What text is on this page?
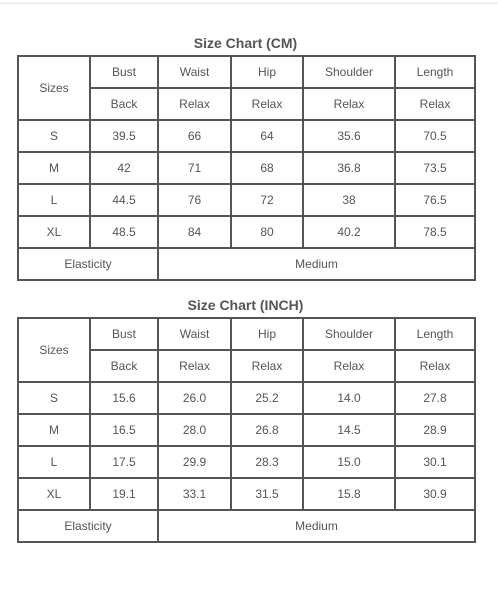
Size Chart (CM)
Sizes	Bust	Waist	Hip	Shoulder	Length
	Back	Relax	Relax	Relax	Relax
S	39.5	66	64	35.6	70.5
M	42	71	68	36.8	73.5
L	44.5	76	72	38	76.5
XL	48.5	84	80	40.2	78.5
Elasticity		Medium			
Size Chart (INCH)
Sizes	Bust	Waist	Hip	Shoulder	Length
	Back	Relax	Relax	Relax	Relax
S	15.6	26.0	25.2	14.0	27.8
M	16.5	28.0	26.8	14.5	28.9
L	17.5	29.9	28.3	15.0	30.1
XL	19.1	33.1	31.5	15.8	30.9
Elasticity		Medium			
